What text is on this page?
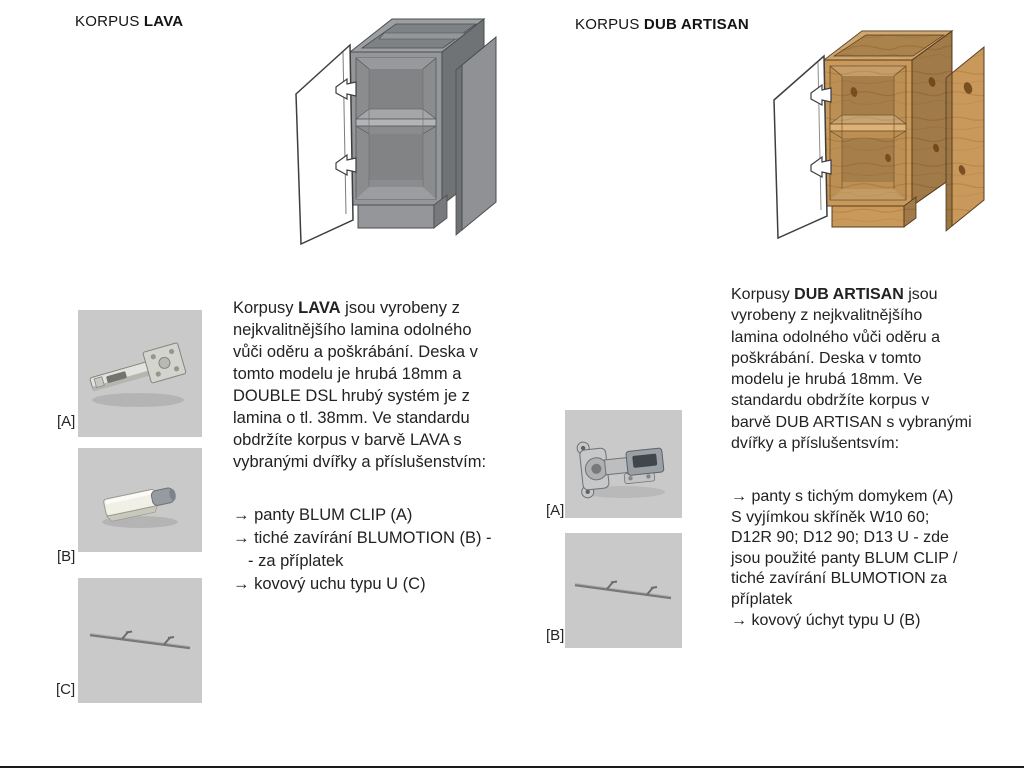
KORPUS LAVA
[A]
[B]
[C]
Korpusy LAVA jsou vyrobeny z
nejkvalitnějšího lamina odolného
vůči oděru a poškrábání. Deska v
tomto modelu je hrubá 18mm a
DOUBLE DSL hrubý systém je z
lamina o tl. 38mm. Ve standardu
obdržíte korpus v barvě LAVA s
vybranými dvířky a příslušenstvím:
→ panty BLUM CLIP (A)
→ tiché zavírání BLUMOTION (B) -
- za příplatek
→ kovový uchu typu U (C)
KORPUS DUB ARTISAN
Korpusy DUB ARTISAN jsou
vyrobeny z nejkvalitnějšího
lamina odolného vůči oděru a
poškrábání. Deska v tomto
modelu je hrubá 18mm. Ve
standardu obdržíte korpus v
barvě DUB ARTISAN s vybranými
dvířky a příslušentsvím:
[A]
[B]
→ panty s tichým domykem (A)
S vyjímkou skříněk W10 60;
D12R 90; D12 90; D13 U - zde
jsou použité panty BLUM CLIP /
tiché zavírání BLUMOTION za
příplatek
→ kovový úchyt typu U (B)
